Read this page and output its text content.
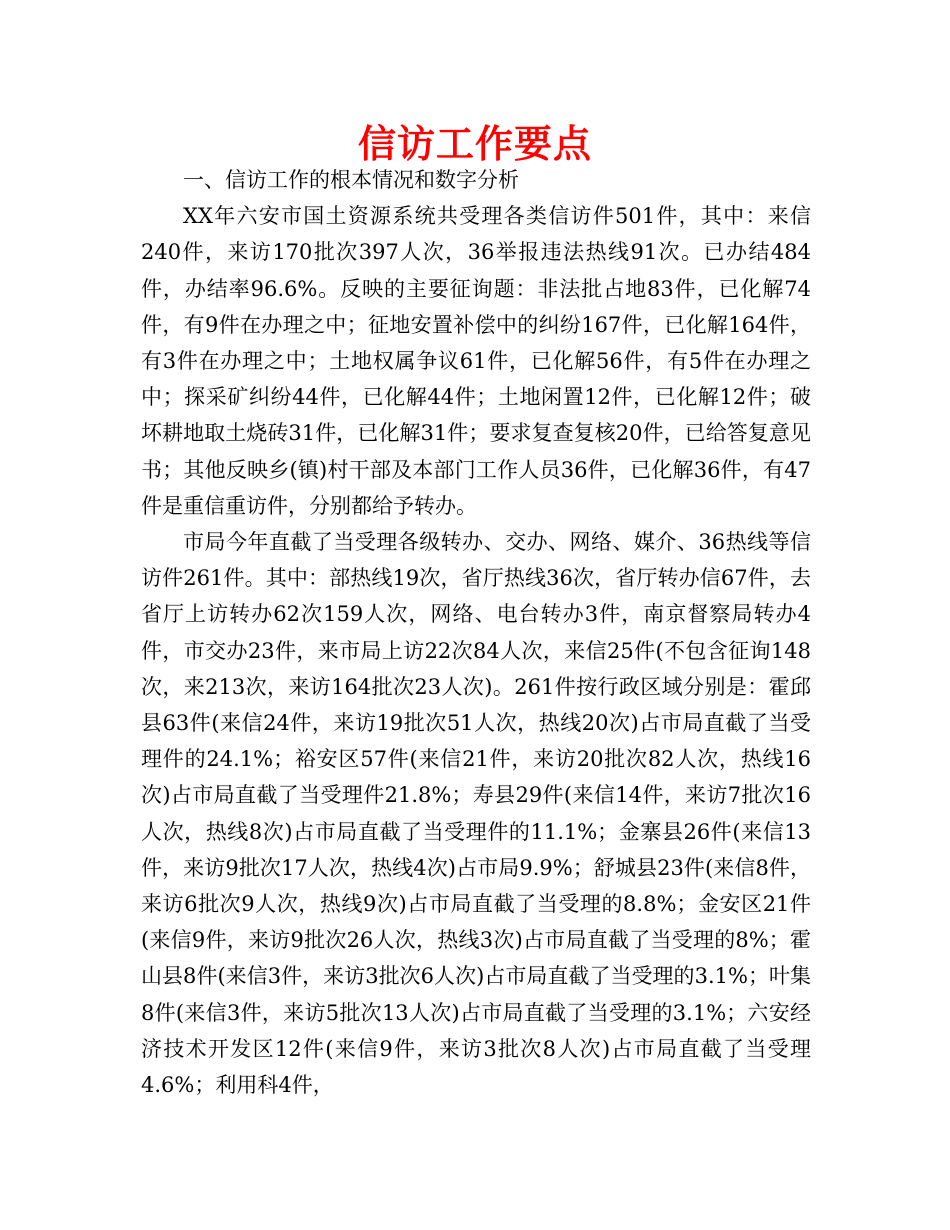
信访工作要点

一、信访工作的根本情况和数字分析

XX年六安市国土资源系统共受理各类信访件501件，其中：来信240件，来访170批次397人次，36举报违法热线91次。已办结484件，办结率96.6%。反映的主要征询题：非法批占地83件，已化解74件，有9件在办理之中；征地安置补偿中的纠纷167件，已化解164件，有3件在办理之中；土地权属争议61件，已化解56件，有5件在办理之中；探采矿纠纷44件，已化解44件；土地闲置12件，已化解12件；破坏耕地取土烧砖31件，已化解31件；要求复查复核20件，已给答复意见书；其他反映乡(镇)村干部及本部门工作人员36件，已化解36件，有47件是重信重访件，分别都给予转办。

市局今年直截了当受理各级转办、交办、网络、媒介、36热线等信访件261件。其中：部热线19次，省厅热线36次，省厅转办信67件，去省厅上访转办62次159人次，网络、电台转办3件，南京督察局转办4件，市交办23件，来市局上访22次84人次，来信25件(不包含征询148次，来213次，来访164批次23人次)。261件按行政区域分别是：霍邱县63件(来信24件，来访19批次51人次，热线20次)占市局直截了当受理件的24.1%；裕安区57件(来信21件，来访20批次82人次，热线16次)占市局直截了当受理件21.8%；寿县29件(来信14件，来访7批次16人次，热线8次)占市局直截了当受理件的11.1%；金寨县26件(来信13件，来访9批次17人次，热线4次)占市局9.9%；舒城县23件(来信8件，来访6批次9人次，热线9次)占市局直截了当受理的8.8%；金安区21件(来信9件，来访9批次26人次，热线3次)占市局直截了当受理的8%；霍山县8件(来信3件，来访3批次6人次)占市局直截了当受理的3.1%；叶集8件(来信3件，来访5批次13人次)占市局直截了当受理的3.1%；六安经济技术开发区12件(来信9件，来访3批次8人次)占市局直截了当受理4.6%；利用科4件，
